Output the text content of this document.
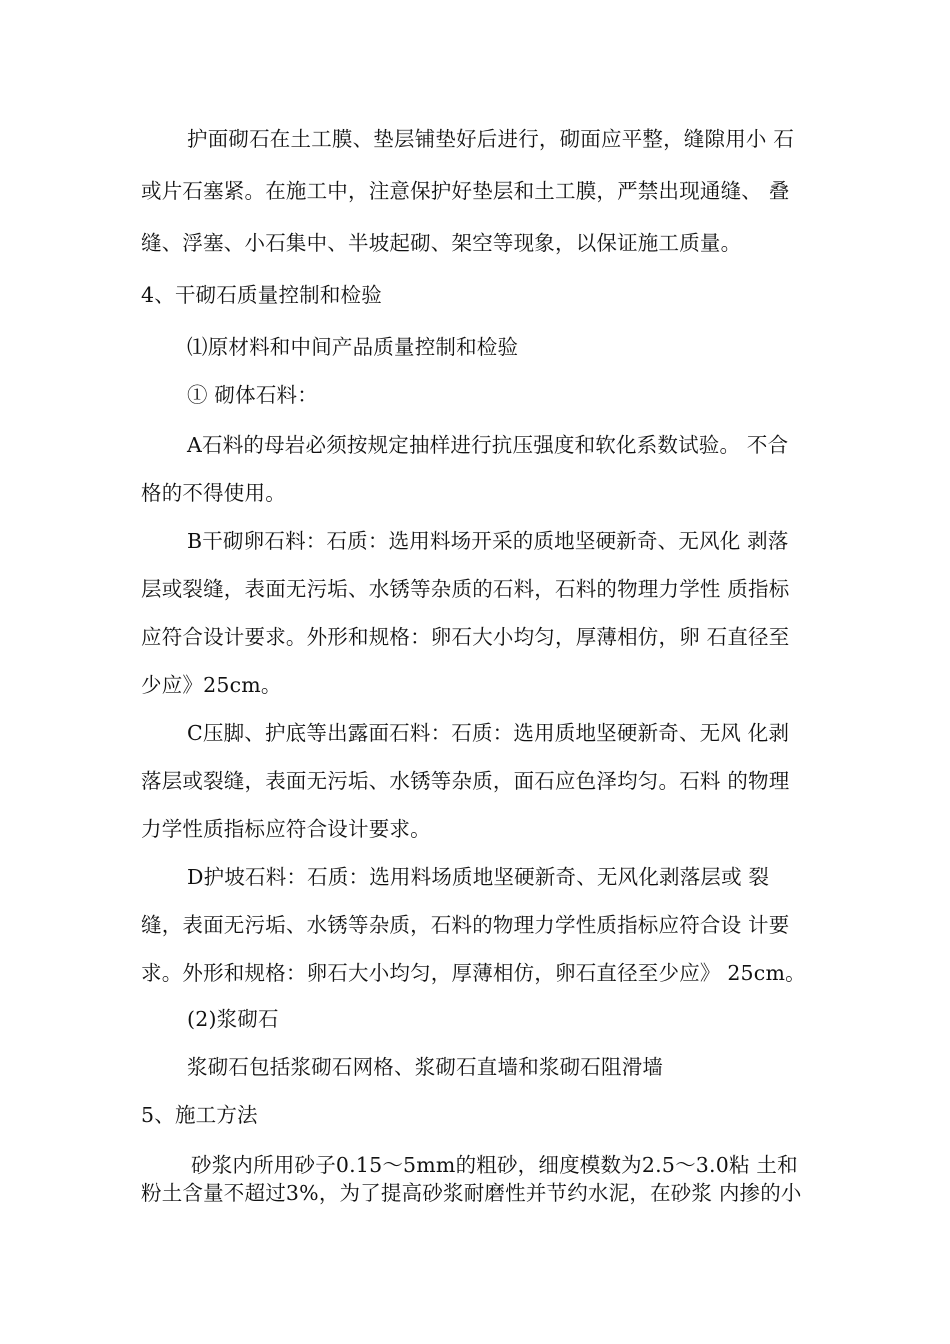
护面砌石在土工膜、垫层铺垫好后进行，砌面应平整，缝隙用小 石
或片石塞紧。在施工中，注意保护好垫层和土工膜，严禁出现通缝、 叠
缝、浮塞、小石集中、半坡起砌、架空等现象，以保证施工质量。
4、干砌石质量控制和检验
⑴原材料和中间产品质量控制和检验
① 砌体石料：
A石料的母岩必须按规定抽样进行抗压强度和软化系数试验。 不合
格的不得使用。
B干砌卵石料：石质：选用料场开采的质地坚硬新奇、无风化 剥落
层或裂缝，表面无污垢、水锈等杂质的石料，石料的物理力学性 质指标
应符合设计要求。外形和规格：卵石大小均匀，厚薄相仿，卵 石直径至
少应》25cm。
C压脚、护底等出露面石料：石质：选用质地坚硬新奇、无风 化剥
落层或裂缝，表面无污垢、水锈等杂质，面石应色泽均匀。石料 的物理
力学性质指标应符合设计要求。
D护坡石料：石质：选用料场质地坚硬新奇、无风化剥落层或 裂
缝，表面无污垢、水锈等杂质，石料的物理力学性质指标应符合设 计要
求。外形和规格：卵石大小均匀，厚薄相仿，卵石直径至少应》 25cm。
(2)浆砌石
浆砌石包括浆砌石网格、浆砌石直墙和浆砌石阻滑墙
5、施工方法
砂浆内所用砂子0.15〜5mm的粗砂，细度模数为2.5〜3.0粘 土和
粉土含量不超过3%，为了提高砂浆耐磨性并节约水泥，在砂浆 内掺的小
